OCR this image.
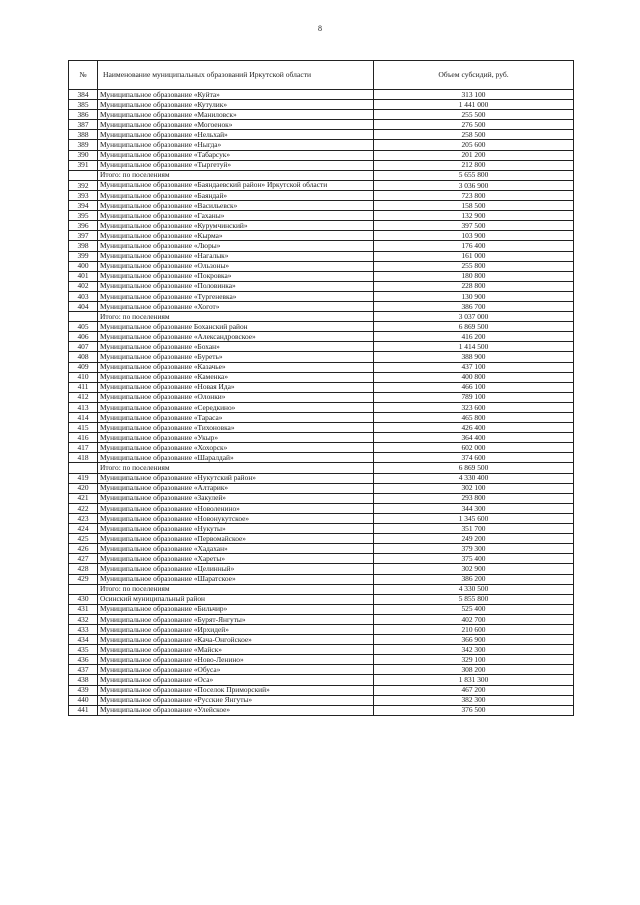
8
№	Наименование муниципальных образований Иркутской области	Объем субсидий, руб.
384	Муниципальное образование «Куйта»	313 100
385	Муниципальное образование «Кутулик»	1 441 000
386	Муниципальное образование «Маниловск»	255 500
387	Муниципальное образование «Могоенок»	276 500
388	Муниципальное образование «Нельхай»	258 500
389	Муниципальное образование «Ныгда»	205 600
390	Муниципальное образование «Табарсук»	201 200
391	Муниципальное образование «Тыргетуй»	212 800
	Итого: по поселениям	5 655 800
392	Муниципальное образование «Баяндаевский район» Иркутской области	3 036 900
393	Муниципальное образование «Баяндай»	723 800
394	Муниципальное образование «Васильевск»	158 500
395	Муниципальное образование «Гаханы»	132 900
396	Муниципальное образование «Курумчинский»	397 500
397	Муниципальное образование «Кырма»	103 900
398	Муниципальное образование «Люры»	176 400
399	Муниципальное образование «Нагалык»	161 000
400	Муниципальное образование «Ользоны»	255 800
401	Муниципальное образование «Покровка»	180 800
402	Муниципальное образование «Половинка»	228 800
403	Муниципальное образование «Тургеневка»	130 900
404	Муниципальное образование «Хогот»	386 700
	Итого: по поселениям	3 037 000
405	Муниципальное образование Боханский район	6 869 500
406	Муниципальное образование «Александровское»	416 200
407	Муниципальное образование «Бохан»	1 414 500
408	Муниципальное образование «Буреть»	388 900
409	Муниципальное образование «Казачье»	437 100
410	Муниципальное образование «Каменка»	400 800
411	Муниципальное образование «Новая Ида»	466 100
412	Муниципальное образование «Олонки»	789 100
413	Муниципальное образование «Середкино»	323 600
414	Муниципальное образование «Тараса»	465 800
415	Муниципальное образование «Тихоновка»	426 400
416	Муниципальное образование «Укыр»	364 400
417	Муниципальное образование «Хохорск»	602 000
418	Муниципальное образование «Шаралдай»	374 600
	Итого: по поселениям	6 869 500
419	Муниципальное образование «Нукутский район»	4 330 400
420	Муниципальное образование «Алтарик»	302 100
421	Муниципальное образование «Закулей»	293 800
422	Муниципальное образование «Новоленино»	344 300
423	Муниципальное образование «Новонукутское»	1 345 600
424	Муниципальное образование «Нукуты»	351 700
425	Муниципальное образование «Первомайское»	249 200
426	Муниципальное образование «Хадахан»	379 300
427	Муниципальное образование «Хареты»	375 400
428	Муниципальное образование «Целинный»	302 900
429	Муниципальное образование «Шаратское»	386 200
	Итого: по поселениям	4 330 500
430	Осинский муниципальный район	5 855 800
431	Муниципальное образование «Бильчир»	525 400
432	Муниципальное образование «Бурят-Янгуты»	402 700
433	Муниципальное образование «Ирхидей»	210 600
434	Муниципальное образование «Кача-Онгойское»	366 900
435	Муниципальное образование «Майск»	342 300
436	Муниципальное образование «Ново-Ленино»	329 100
437	Муниципальное образование «Обуса»	308 200
438	Муниципальное образование «Оса»	1 831 300
439	Муниципальное образование «Поселок Приморский»	467 200
440	Муниципальное образование «Русские Янгуты»	382 300
441	Муниципальное образование «Улейское»	376 500
